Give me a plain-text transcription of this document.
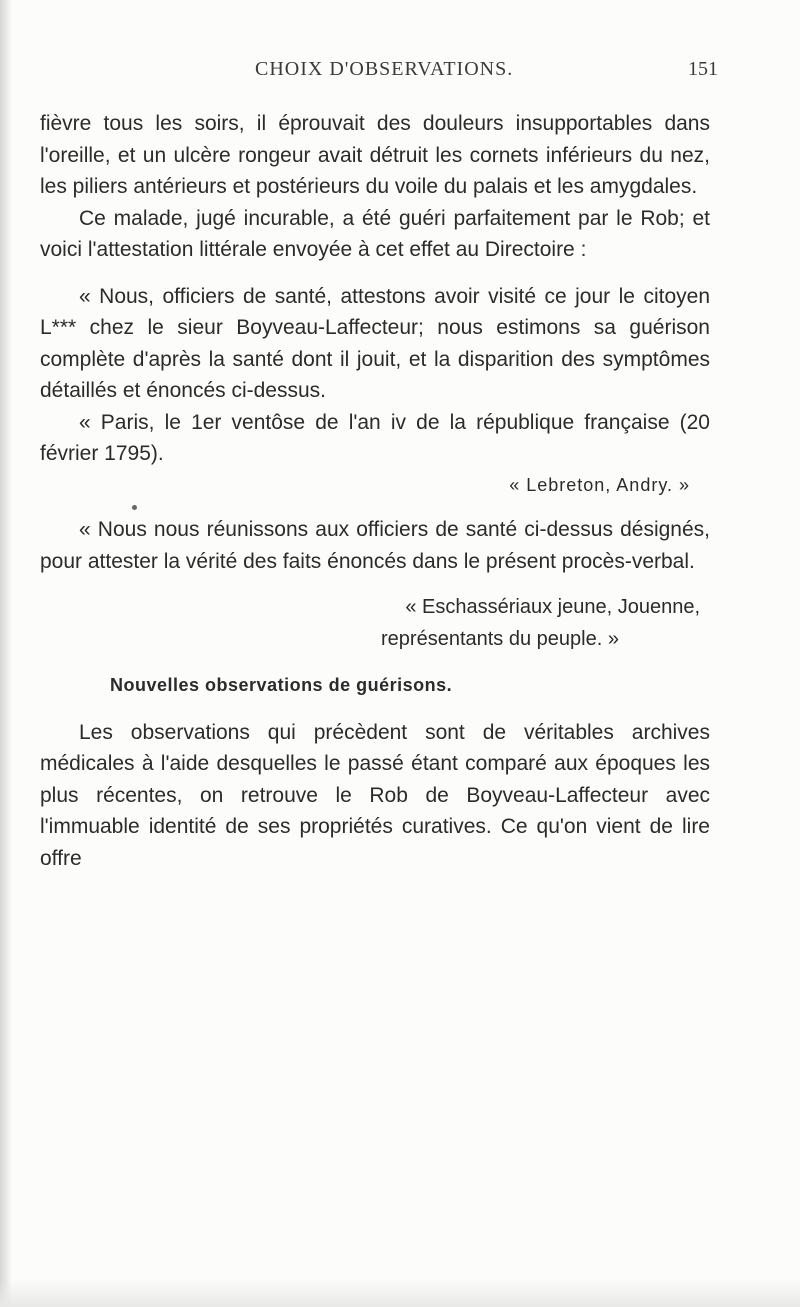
CHOIX D'OBSERVATIONS.	151

fièvre tous les soirs, il éprouvait des douleurs insupportables dans l'oreille, et un ulcère rongeur avait détruit les cornets inférieurs du nez, les piliers antérieurs et postérieurs du voile du palais et les amygdales.

Ce malade, jugé incurable, a été guéri parfaitement par le Rob; et voici l'attestation littérale envoyée à cet effet au Directoire :

« Nous, officiers de santé, attestons avoir visité ce jour le citoyen L*** chez le sieur Boyveau-Laffecteur; nous estimons sa guérison complète d'après la santé dont il jouit, et la disparition des symptômes détaillés et énoncés ci-dessus.

« Paris, le 1er ventôse de l'an iv de la république française (20 février 1795).

« Lebreton, Andry. »

« Nous nous réunissons aux officiers de santé ci-dessus désignés, pour attester la vérité des faits énoncés dans le présent procès-verbal.

« Eschassériaux jeune, Jouenne,

représentants du peuple. »

Nouvelles observations de guérisons.

Les observations qui précèdent sont de véritables archives médicales à l'aide desquelles le passé étant comparé aux époques les plus récentes, on retrouve le Rob de Boyveau-Laffecteur avec l'immuable identité de ses propriétés curatives. Ce qu'on vient de lire offre
